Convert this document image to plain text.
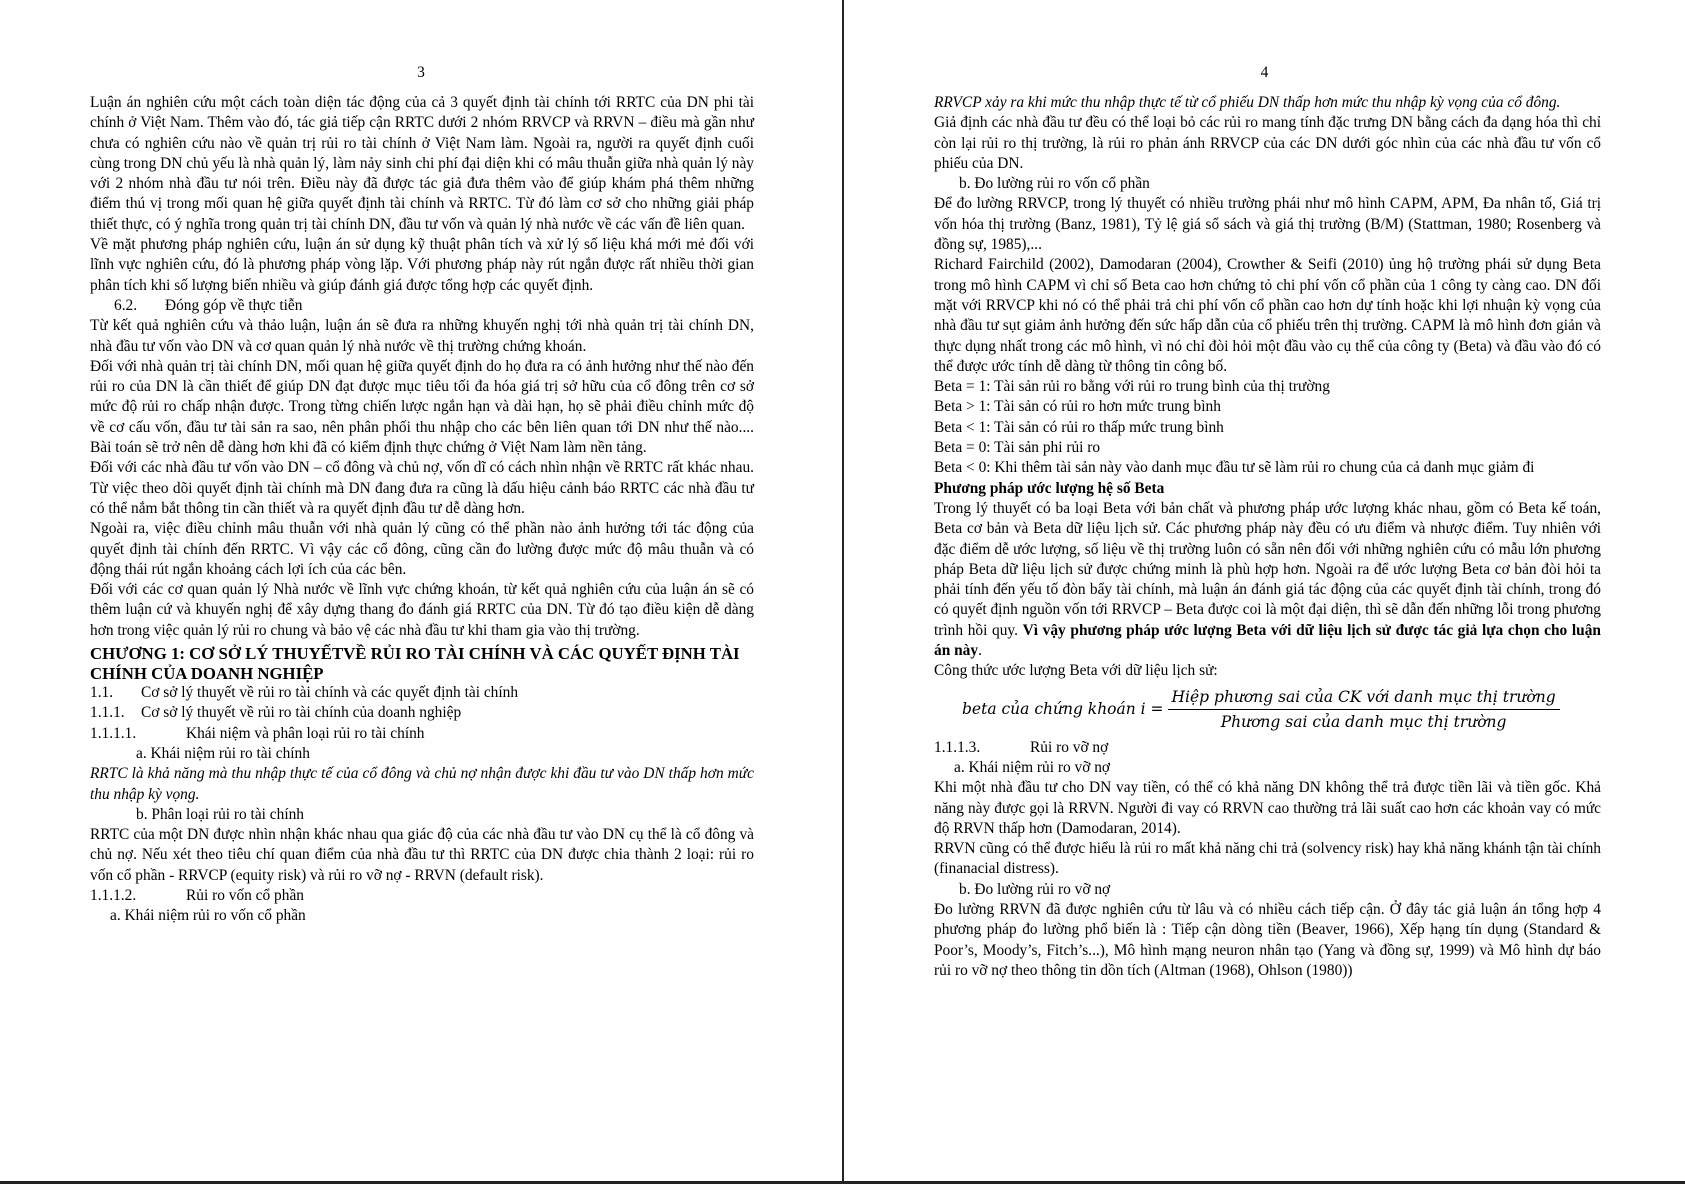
3

Luận án nghiên cứu một cách toàn diện tác động của cả 3 quyết định tài chính tới RRTC của DN phi tài chính ở Việt Nam. Thêm vào đó, tác giả tiếp cận RRTC dưới 2 nhóm RRVCP và RRVN – điều mà gần như chưa có nghiên cứu nào về quản trị rủi ro tài chính ở Việt Nam làm. Ngoài ra, người ra quyết định cuối cùng trong DN chủ yếu là nhà quản lý, làm nảy sinh chi phí đại diện khi có mâu thuẫn giữa nhà quản lý này với 2 nhóm nhà đầu tư nói trên. Điều này đã được tác giả đưa thêm vào để giúp khám phá thêm những điểm thú vị trong mối quan hệ giữa quyết định tài chính và RRTC. Từ đó làm cơ sở cho những giải pháp thiết thực, có ý nghĩa trong quản trị tài chính DN, đầu tư vốn và quản lý nhà nước về các vấn đề liên quan.

Về mặt phương pháp nghiên cứu, luận án sử dụng kỹ thuật phân tích và xử lý số liệu khá mới mẻ đối với lĩnh vực nghiên cứu, đó là phương pháp vòng lặp. Với phương pháp này rút ngắn được rất nhiều thời gian phân tích khi số lượng biến nhiều và giúp đánh giá được tổng hợp các quyết định.

6.2. Đóng góp về thực tiễn

Từ kết quả nghiên cứu và thảo luận, luận án sẽ đưa ra những khuyến nghị tới nhà quản trị tài chính DN, nhà đầu tư vốn vào DN và cơ quan quản lý nhà nước về thị trường chứng khoán.

Đối với nhà quản trị tài chính DN, mối quan hệ giữa quyết định do họ đưa ra có ảnh hưởng như thế nào đến rủi ro của DN là cần thiết để giúp DN đạt được mục tiêu tối đa hóa giá trị sở hữu của cổ đông trên cơ sở mức độ rủi ro chấp nhận được. Trong từng chiến lược ngắn hạn và dài hạn, họ sẽ phải điều chỉnh mức độ về cơ cấu vốn, đầu tư tài sản ra sao, nên phân phối thu nhập cho các bên liên quan tới DN như thế nào.... Bài toán sẽ trở nên dễ dàng hơn khi đã có kiểm định thực chứng ở Việt Nam làm nền tảng.

Đối với các nhà đầu tư vốn vào DN – cổ đông và chủ nợ, vốn dĩ có cách nhìn nhận về RRTC rất khác nhau. Từ việc theo dõi quyết định tài chính mà DN đang đưa ra cũng là dấu hiệu cảnh báo RRTC các nhà đầu tư có thể nắm bắt thông tin cần thiết và ra quyết định đầu tư dễ dàng hơn.

Ngoài ra, việc điều chỉnh mâu thuẫn với nhà quản lý cũng có thể phần nào ảnh hưởng tới tác động của quyết định tài chính đến RRTC. Vì vậy các cổ đông, cũng cần đo lường được mức độ mâu thuẫn và có động thái rút ngắn khoảng cách lợi ích của các bên.

Đối với các cơ quan quản lý Nhà nước về lĩnh vực chứng khoán, từ kết quả nghiên cứu của luận án sẽ có thêm luận cứ và khuyến nghị để xây dựng thang đo đánh giá RRTC của DN. Từ đó tạo điều kiện dễ dàng hơn trong việc quản lý rủi ro chung và bảo vệ các nhà đầu tư khi tham gia vào thị trường.

CHƯƠNG 1: CƠ SỞ LÝ THUYẾTVỀ RỦI RO TÀI CHÍNH VÀ CÁC QUYẾT ĐỊNH TÀI CHÍNH CỦA DOANH NGHIỆP

1.1. Cơ sở lý thuyết về rủi ro tài chính và các quyết định tài chính

1.1.1. Cơ sở lý thuyết về rủi ro tài chính của doanh nghiệp

1.1.1.1.	Khái niệm và phân loại rủi ro tài chính

a. Khái niệm rủi ro tài chính

RRTC là khả năng mà thu nhập thực tế của cổ đông và chủ nợ nhận được khi đầu tư vào DN thấp hơn mức thu nhập kỳ vọng.

b. Phân loại rủi ro tài chính

RRTC của một DN được nhìn nhận khác nhau qua giác độ của các nhà đầu tư vào DN cụ thể là cổ đông và chủ nợ. Nếu xét theo tiêu chí quan điểm của nhà đầu tư thì RRTC của DN được chia thành 2 loại: rủi ro vốn cổ phần - RRVCP (equity risk) và rủi ro vỡ nợ - RRVN (default risk).

1.1.1.2.	Rủi ro vốn cổ phần

a. Khái niệm rủi ro vốn cổ phần

4

RRVCP xảy ra khi mức thu nhập thực tế từ cổ phiếu DN thấp hơn mức thu nhập kỳ vọng của cổ đông.

Giả định các nhà đầu tư đều có thể loại bỏ các rủi ro mang tính đặc trưng DN bằng cách đa dạng hóa thì chỉ còn lại rủi ro thị trường, là rủi ro phản ánh RRVCP của các DN dưới góc nhìn của các nhà đầu tư vốn cổ phiếu của DN.

b. Đo lường rủi ro vốn cổ phần

Để đo lường RRVCP, trong lý thuyết có nhiều trường phái như mô hình CAPM, APM, Đa nhân tố, Giá trị vốn hóa thị trường (Banz, 1981), Tỷ lệ giá sổ sách và giá thị trường (B/M) (Stattman, 1980; Rosenberg và đồng sự, 1985),...

Richard Fairchild (2002), Damodaran (2004), Crowther & Seifi (2010) ủng hộ trường phái sử dụng Beta trong mô hình CAPM vì chỉ số Beta cao hơn chứng tỏ chi phí vốn cổ phần của 1 công ty càng cao. DN đối mặt với RRVCP khi nó có thể phải trả chi phí vốn cổ phần cao hơn dự tính hoặc khi lợi nhuận kỳ vọng của nhà đầu tư sụt giảm ảnh hưởng đến sức hấp dẫn của cổ phiếu trên thị trường. CAPM là mô hình đơn giản và thực dụng nhất trong các mô hình, vì nó chỉ đòi hỏi một đầu vào cụ thể của công ty (Beta) và đầu vào đó có thể được ước tính dễ dàng từ thông tin công bố.

Beta = 1: Tài sản rủi ro bằng với rủi ro trung bình của thị trường

Beta > 1: Tài sản có rủi ro hơn mức trung bình

Beta < 1: Tài sản có rủi ro thấp mức trung bình

Beta = 0: Tài sản phi rủi ro

Beta < 0: Khi thêm tài sản này vào danh mục đầu tư sẽ làm rủi ro chung của cả danh mục giảm đi

Phương pháp ước lượng hệ số Beta

Trong lý thuyết có ba loại Beta với bản chất và phương pháp ước lượng khác nhau, gồm có Beta kế toán, Beta cơ bản và Beta dữ liệu lịch sử. Các phương pháp này đều có ưu điểm và nhược điểm. Tuy nhiên với đặc điểm dễ ước lượng, số liệu về thị trường luôn có sẵn nên đối với những nghiên cứu có mẫu lớn phương pháp Beta dữ liệu lịch sử được chứng minh là phù hợp hơn. Ngoài ra để ước lượng Beta cơ bản đòi hỏi ta phải tính đến yếu tố đòn bẩy tài chính, mà luận án đánh giá tác động của các quyết định tài chính, trong đó có quyết định nguồn vốn tới RRVCP – Beta được coi là một đại diện, thì sẽ dẫn đến những lỗi trong phương trình hồi quy. Vì vậy phương pháp ước lượng Beta với dữ liệu lịch sử được tác giả lựa chọn cho luận án này.

Công thức ước lượng Beta với dữ liệu lịch sử:

beta của chứng khoán $i = \frac{\text{Hiệp phương sai của CK với danh mục thị trường}}{\text{Phương sai của danh mục thị trường}}$

1.1.1.3.	Rủi ro vỡ nợ

a. Khái niệm rủi ro vỡ nợ

Khi một nhà đầu tư cho DN vay tiền, có thể có khả năng DN không thể trả được tiền lãi và tiền gốc. Khả năng này được gọi là RRVN. Người đi vay có RRVN cao thường trả lãi suất cao hơn các khoản vay có mức độ RRVN thấp hơn (Damodaran, 2014).

RRVN cũng có thể được hiểu là rủi ro mất khả năng chi trả (solvency risk) hay khả năng khánh tận tài chính (finanacial distress).

b. Đo lường rủi ro vỡ nợ

Đo lường RRVN đã được nghiên cứu từ lâu và có nhiều cách tiếp cận. Ở đây tác giả luận án tổng hợp 4 phương pháp đo lường phổ biến là : Tiếp cận dòng tiền (Beaver, 1966), Xếp hạng tín dụng (Standard & Poor’s, Moody’s, Fitch’s...), Mô hình mạng neuron nhân tạo (Yang và đồng sự, 1999) và Mô hình dự báo rủi ro vỡ nợ theo thông tin dồn tích (Altman (1968), Ohlson (1980))
